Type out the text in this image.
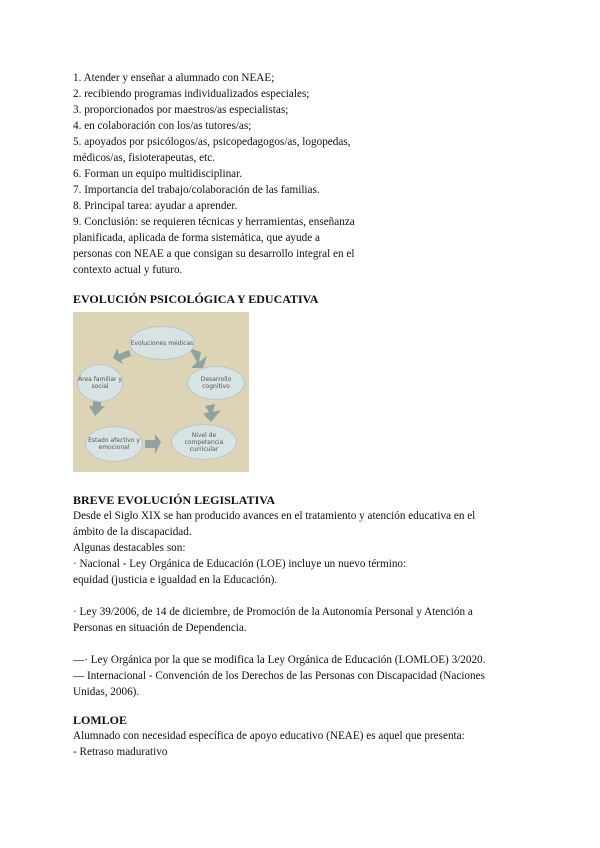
1. Atender y enseñar a alumnado con NEAE;
2. recibiendo programas individualizados especiales;
3. proporcionados por maestros/as especialistas;
4. en colaboración con los/as tutores/as;
5. apoyados por psicólogos/as, psicopedagogos/as, logopedas,
médicos/as, fisioterapeutas, etc.
6. Forman un equipo multidisciplinar.
7. Importancia del trabajo/colaboración de las familias.
8. Principal tarea: ayudar a aprender.
9. Conclusión: se requieren técnicas y herramientas, enseñanza
planificada, aplicada de forma sistemática, que ayude a
personas con NEAE a que consigan su desarrollo integral en el
contexto actual y futuro.
EVOLUCIÓN PSICOLÓGICA Y EDUCATIVA
Evoluciones médicas
Desarrollo cognitivo
Nivel de competencia curricular
Estado afectivo y emocional
Área familiar y social
BREVE EVOLUCIÓN LEGISLATIVA
Desde el Siglo XIX se han producido avances en el tratamiento y atención educativa en el
ámbito de la discapacidad.
Algunas destacables son:
· Nacional - Ley Orgánica de Educación (LOE) incluye un nuevo término:
equidad (justicia e igualdad en la Educación).
· Ley 39/2006, de 14 de diciembre, de Promoción de la Autonomía Personal y Atención a
Personas en situación de Dependencia.
—· Ley Orgánica por la que se modifica la Ley Orgánica de Educación (LOMLOE) 3/2020.
— Internacional - Convención de los Derechos de las Personas con Discapacidad (Naciones
Unidas, 2006).
LOMLOE
Alumnado con necesidad específica de apoyo educativo (NEAE) es aquel que presenta:
- Retraso madurativo
